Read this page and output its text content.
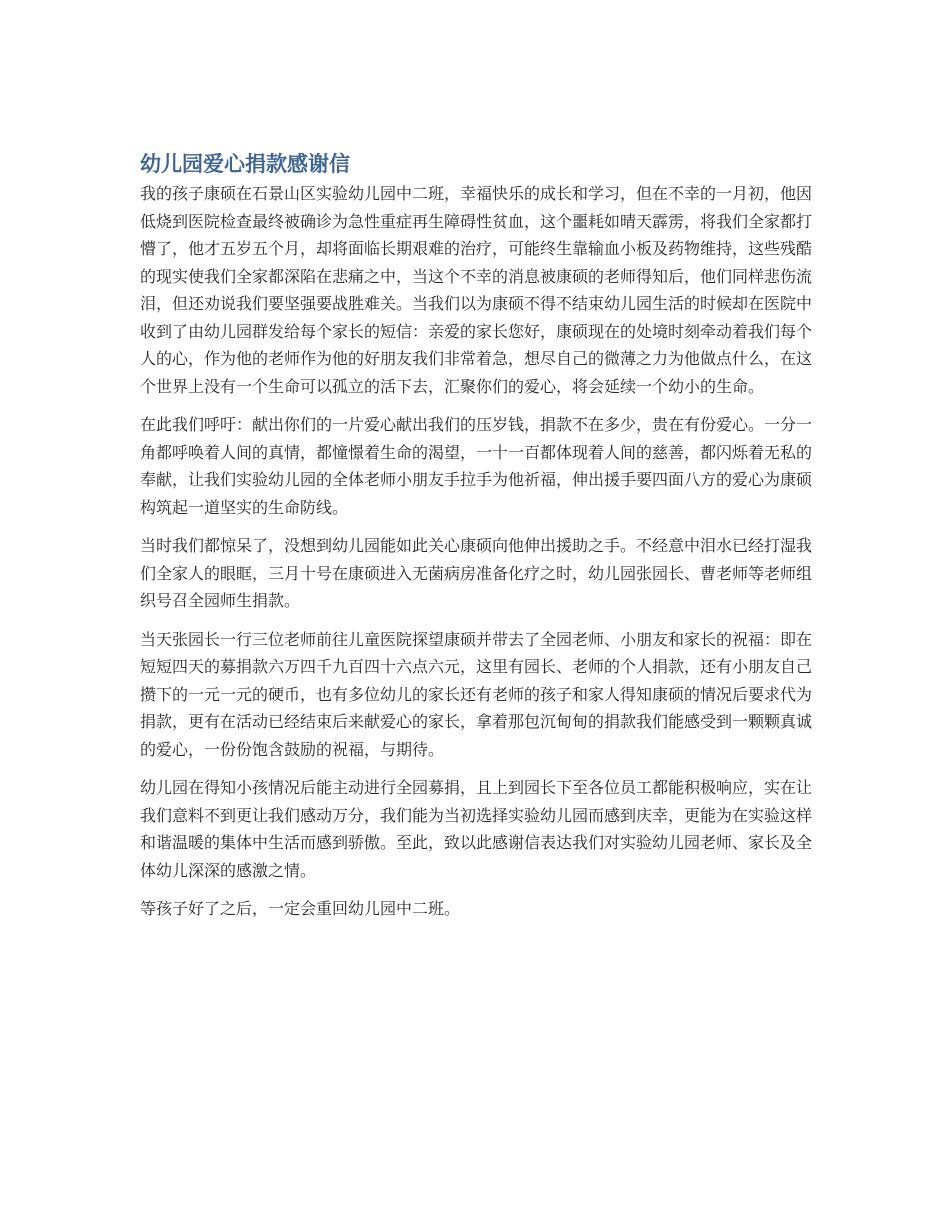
幼儿园爱心捐款感谢信

我的孩子康硕在石景山区实验幼儿园中二班，幸福快乐的成长和学习，但在不幸的一月初，他因低烧到医院检查最终被确诊为急性重症再生障碍性贫血，这个噩耗如晴天霹雳，将我们全家都打懵了，他才五岁五个月，却将面临长期艰难的治疗，可能终生靠输血小板及药物维持，这些残酷的现实使我们全家都深陷在悲痛之中，当这个不幸的消息被康硕的老师得知后，他们同样悲伤流泪，但还劝说我们要坚强要战胜难关。当我们以为康硕不得不结束幼儿园生活的时候却在医院中收到了由幼儿园群发给每个家长的短信：亲爱的家长您好，康硕现在的处境时刻牵动着我们每个人的心，作为他的老师作为他的好朋友我们非常着急，想尽自己的微薄之力为他做点什么，在这个世界上没有一个生命可以孤立的活下去，汇聚你们的爱心，将会延续一个幼小的生命。

在此我们呼吁：献出你们的一片爱心献出我们的压岁钱，捐款不在多少，贵在有份爱心。一分一角都呼唤着人间的真情，都憧憬着生命的渴望，一十一百都体现着人间的慈善，都闪烁着无私的奉献，让我们实验幼儿园的全体老师小朋友手拉手为他祈福，伸出援手要四面八方的爱心为康硕构筑起一道坚实的生命防线。

当时我们都惊呆了，没想到幼儿园能如此关心康硕向他伸出援助之手。不经意中泪水已经打湿我们全家人的眼眶，三月十号在康硕进入无菌病房准备化疗之时，幼儿园张园长、曹老师等老师组织号召全园师生捐款。

当天张园长一行三位老师前往儿童医院探望康硕并带去了全园老师、小朋友和家长的祝福：即在短短四天的募捐款六万四千九百四十六点六元，这里有园长、老师的个人捐款，还有小朋友自己攒下的一元一元的硬币，也有多位幼儿的家长还有老师的孩子和家人得知康硕的情况后要求代为捐款，更有在活动已经结束后来献爱心的家长，拿着那包沉甸甸的捐款我们能感受到一颗颗真诚的爱心，一份份饱含鼓励的祝福，与期待。

幼儿园在得知小孩情况后能主动进行全园募捐，且上到园长下至各位员工都能积极响应，实在让我们意料不到更让我们感动万分，我们能为当初选择实验幼儿园而感到庆幸，更能为在实验这样和谐温暖的集体中生活而感到骄傲。至此，致以此感谢信表达我们对实验幼儿园老师、家长及全体幼儿深深的感激之情。

等孩子好了之后，一定会重回幼儿园中二班。
